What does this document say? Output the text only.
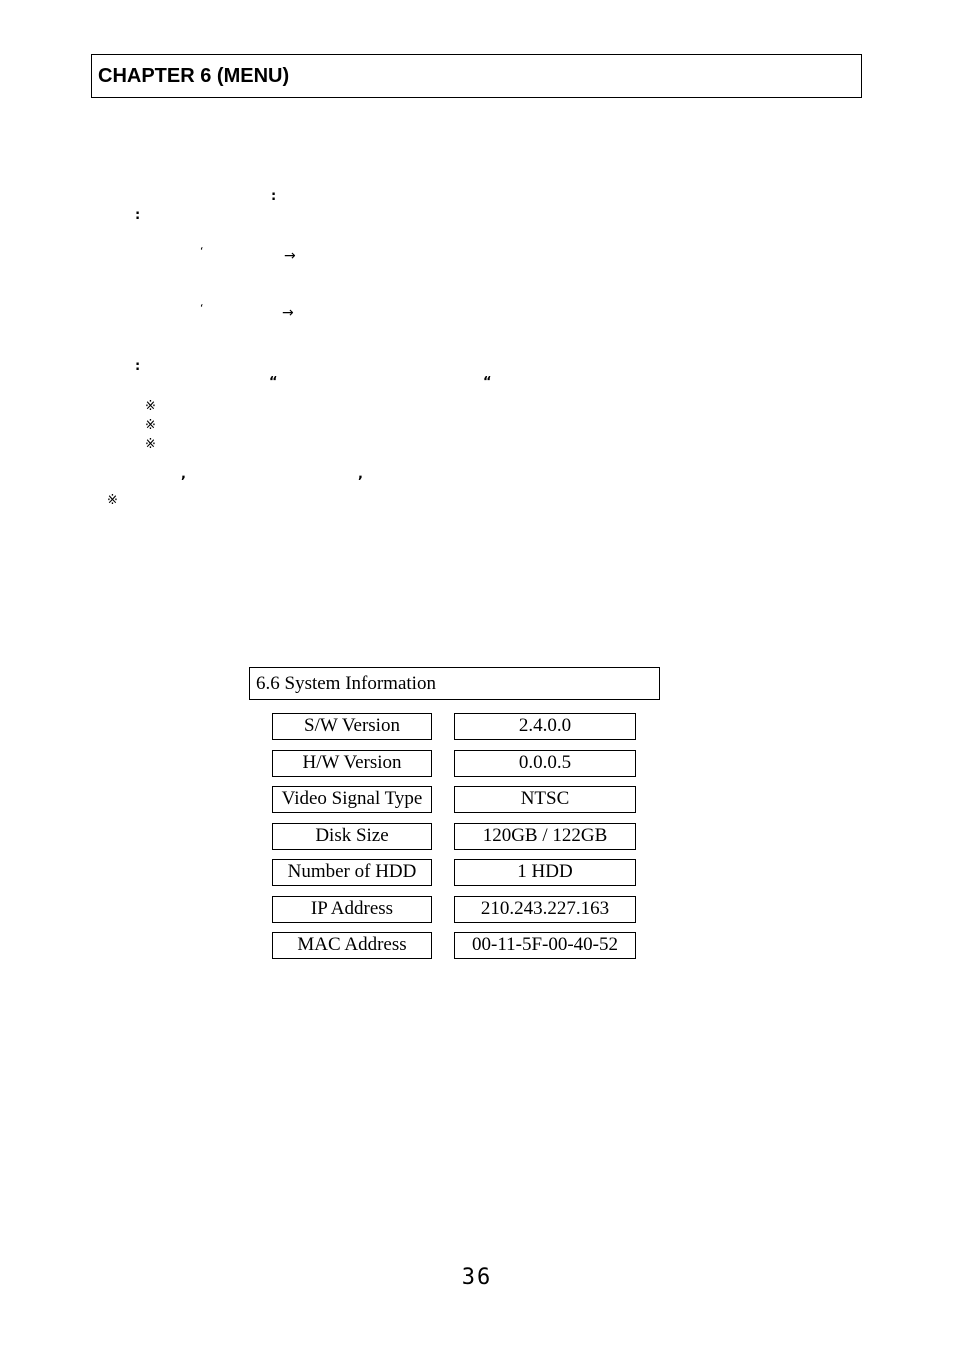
CHAPTER 6 (MENU)
:
:
‘	→
‘	→
:
“	“
※
※
※
,	,
※
6.6 System Information
S/W Version	2.4.0.0
H/W Version	0.0.0.5
Video Signal Type	NTSC
Disk Size	120GB / 122GB
Number of HDD	1 HDD
IP Address	210.243.227.163
MAC Address	00-11-5F-00-40-52
36
